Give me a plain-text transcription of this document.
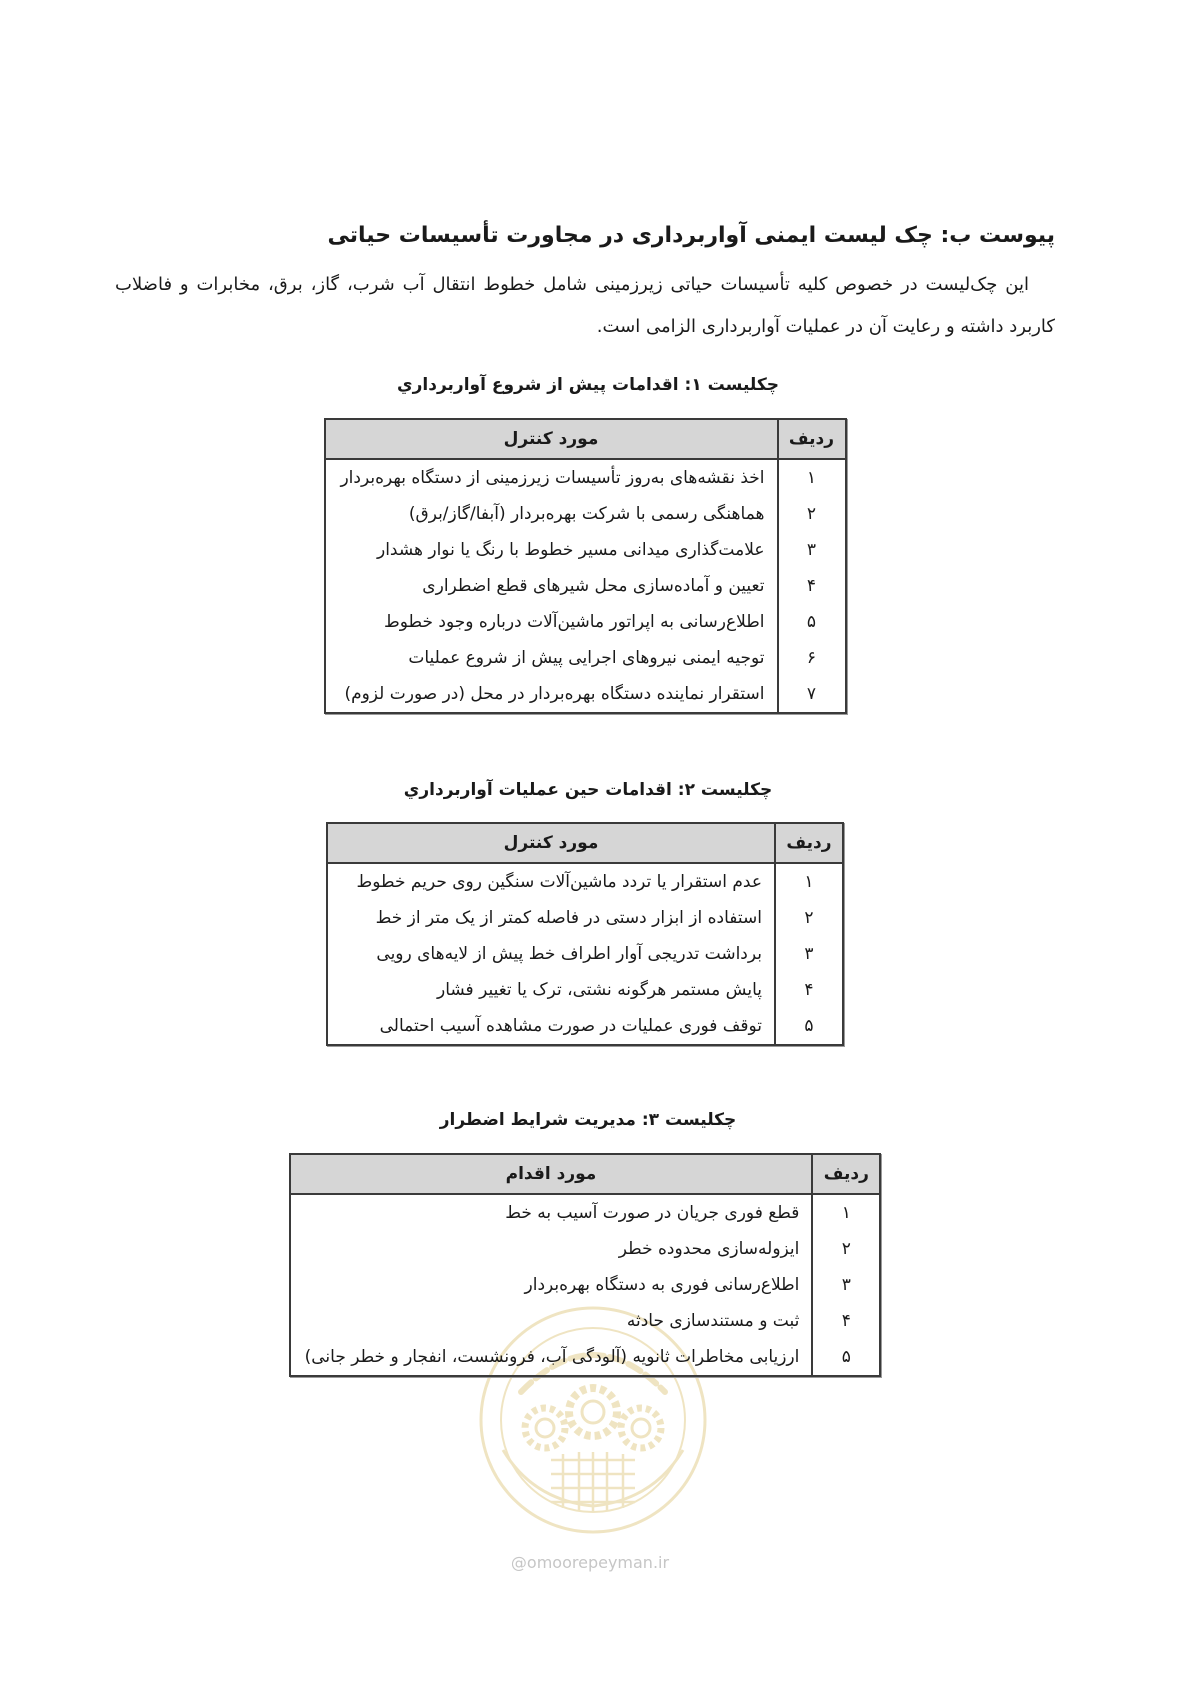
پیوست ب: چک لیست ایمنی آواربرداری در مجاورت تأسیسات حیاتی

این چک‌لیست در خصوص کلیه تأسیسات حیاتی زیرزمینی شامل خطوط انتقال آب شرب، گاز، برق، مخابرات و فاضلاب کاربرد داشته و رعایت آن در عملیات آواربرداری الزامی است.

چکلیست ۱: اقدامات پیش از شروع آواربرداري
ردیف	مورد کنترل
۱	اخذ نقشه‌های به‌روز تأسیسات زیرزمینی از دستگاه بهره‌بردار
۲	هماهنگی رسمی با شرکت بهره‌بردار (آبفا/گاز/برق)
۳	علامت‌گذاری میدانی مسیر خطوط با رنگ یا نوار هشدار
۴	تعیین و آماده‌سازی محل شیرهای قطع اضطراری
۵	اطلاع‌رسانی به اپراتور ماشین‌آلات درباره وجود خطوط
۶	توجیه ایمنی نیروهای اجرایی پیش از شروع عملیات
۷	استقرار نماینده دستگاه بهره‌بردار در محل (در صورت لزوم)
چکلیست ۲: اقدامات حین عملیات آواربرداري
ردیف	مورد کنترل
۱	عدم استقرار یا تردد ماشین‌آلات سنگین روی حریم خطوط
۲	استفاده از ابزار دستی در فاصله کمتر از یک متر از خط
۳	برداشت تدریجی آوار اطراف خط پیش از لایه‌های رویی
۴	پایش مستمر هرگونه نشتی، ترک یا تغییر فشار
۵	توقف فوری عملیات در صورت مشاهده آسیب احتمالی
چکلیست ۳: مدیریت شرایط اضطرار
ردیف	مورد اقدام
۱	قطع فوری جریان در صورت آسیب به خط
۲	ایزوله‌سازی محدوده خطر
۳	اطلاع‌رسانی فوری به دستگاه بهره‌بردار
۴	ثبت و مستندسازی حادثه
۵	ارزیابی مخاطرات ثانویه (آلودگی آب، فرونشست، انفجار و خطر جانی)
@omoorepeyman.ir
